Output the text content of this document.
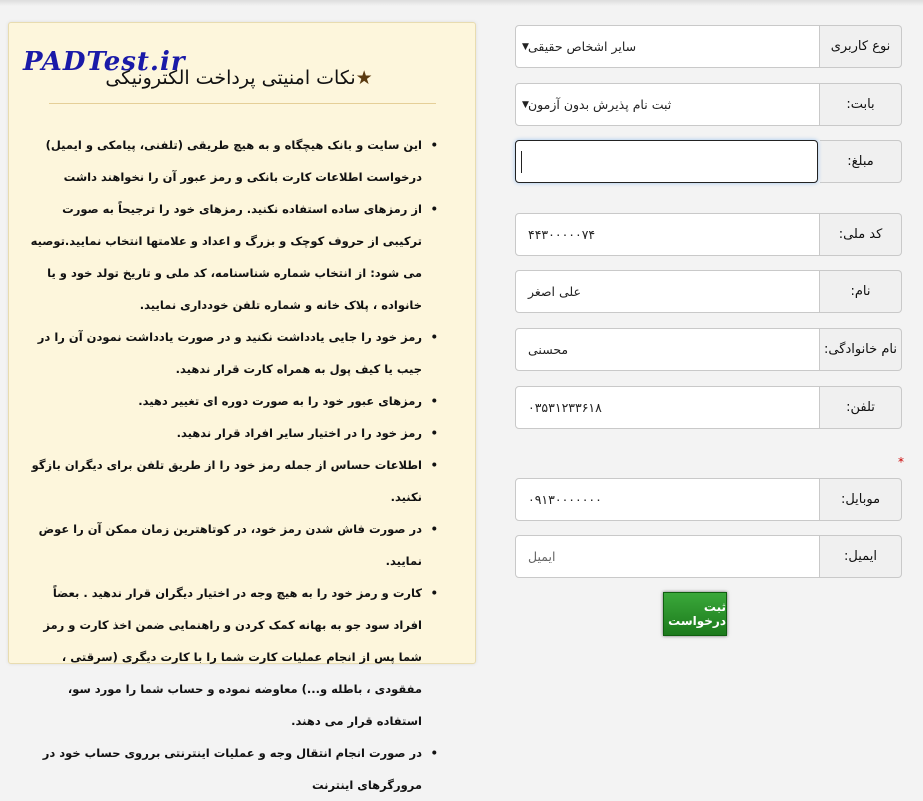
PADTest.ir
★نکات امنیتی پرداخت الکترونیکی
• این سایت و بانک هیچگاه و به هیچ طریقی (تلفنی، پیامکی و ایمیل) درخواست اطلاعات کارت بانکی و رمز عبور آن را نخواهند داشت
• از رمزهای ساده استفاده نکنید. رمزهای خود را ترجیحاً به صورت ترکیبی از حروف کوچک و بزرگ و اعداد و علامتها انتخاب نمایید.توصیه می شود: از انتخاب شماره شناسنامه، کد ملی و تاریخ تولد خود و یا خانواده ، پلاک خانه و شماره تلفن خودداری نمایید.
• رمز خود را جایی یادداشت نکنید و در صورت یادداشت نمودن آن را در جیب یا کیف پول به همراه کارت قرار ندهید.
• رمزهای عبور خود را به صورت دوره ای تغییر دهید.
• رمز خود را در اختیار سایر افراد قرار ندهید.
• اطلاعات حساس از جمله رمز خود را از طریق تلفن برای دیگران بازگو نکنید.
• در صورت فاش شدن رمز خود، در کوتاهترین زمان ممکن آن را عوض نمایید.
• کارت و رمز خود را به هیچ وجه در اختیار دیگران قرار ندهید . بعضاً افراد سود جو به بهانه کمک کردن و راهنمایی ضمن اخذ کارت و رمز شما پس از انجام عملیات کارت شما را با کارت دیگری (سرقتی ، مفقودی ، باطله و...) معاوضه نموده و حساب شما را مورد سو، استفاده قرار می دهند.
• در صورت انجام انتقال وجه و عملیات اینترنتی برروی حساب خود در مرورگرهای اینترنت
▼ سایر اشخاص حقیقی	نوع کاربری
▼ ثبت نام پذیرش بدون آزمون	بابت:
مبلغ:
۴۴۳۰۰۰۰۰۷۴	کد ملی:
علی اصغر	نام:
محسنی	نام خانوادگی:
۰۳۵۳۱۲۳۳۶۱۸	تلفن:
*
۰۹۱۳۰۰۰۰۰۰۰	موبایل:
ایمیل	ایمیل:
ثبت درخواست
